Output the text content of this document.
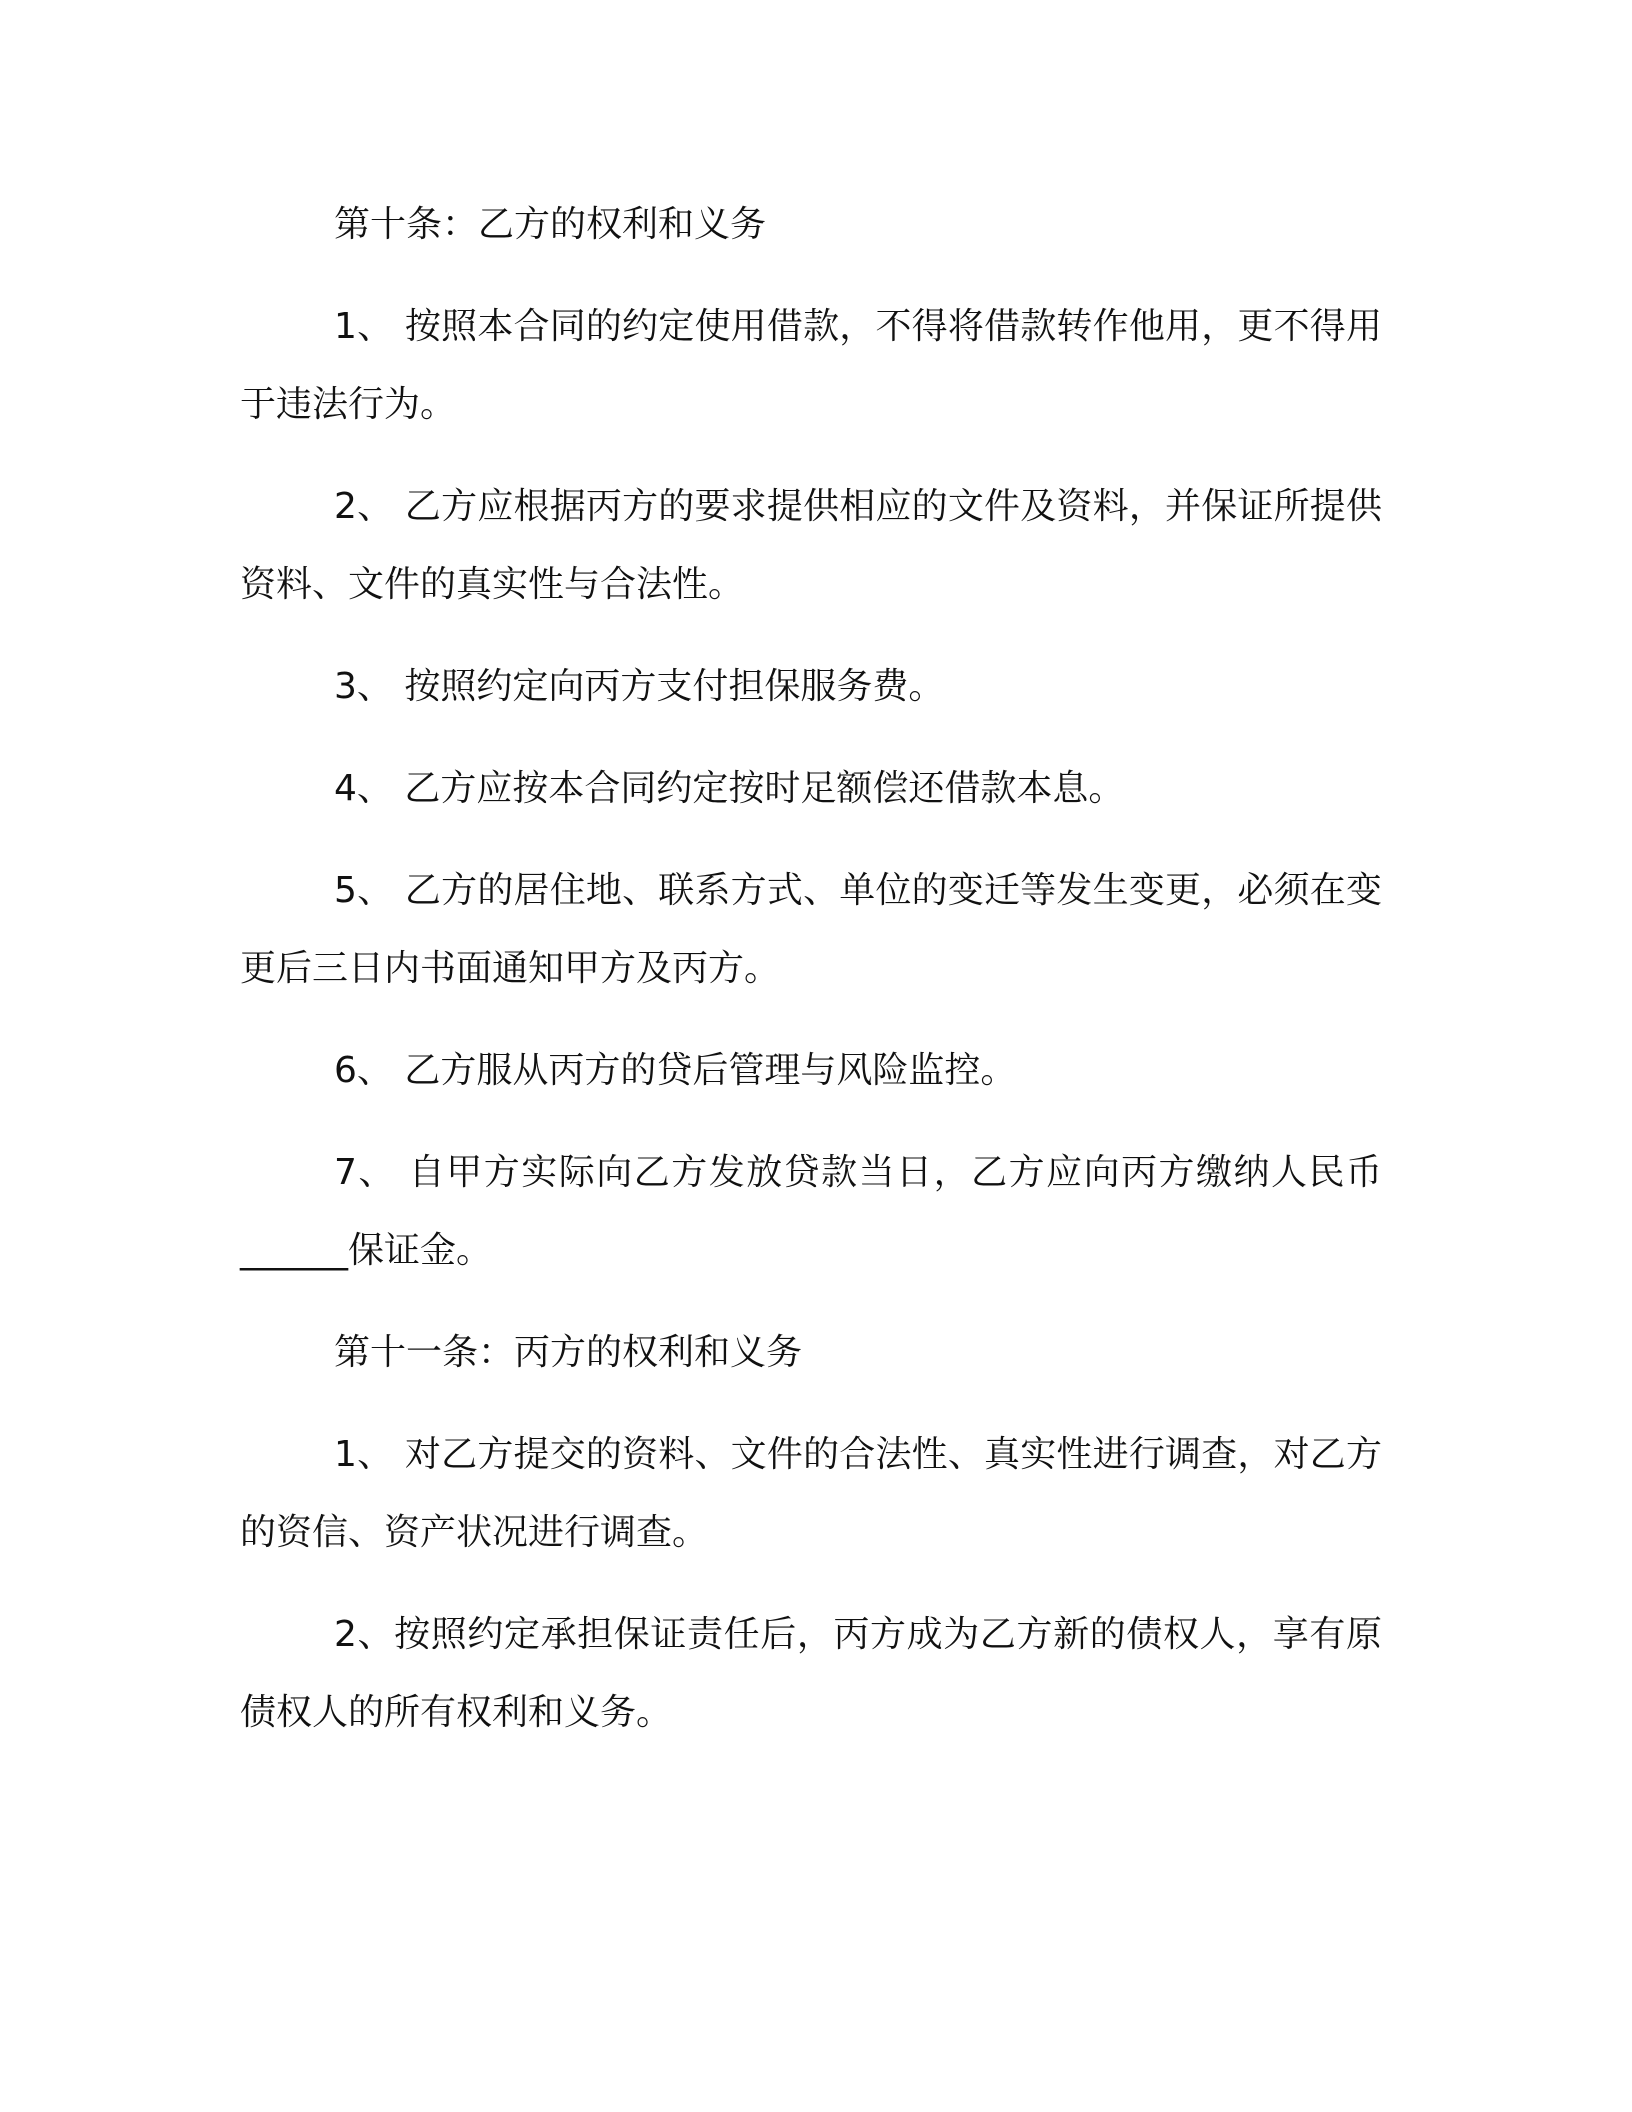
第十条：乙方的权利和义务

1、 按照本合同的约定使用借款，不得将借款转作他用，更不得用于违法行为。

2、 乙方应根据丙方的要求提供相应的文件及资料，并保证所提供资料、文件的真实性与合法性。

3、 按照约定向丙方支付担保服务费。

4、 乙方应按本合同约定按时足额偿还借款本息。

5、 乙方的居住地、联系方式、单位的变迁等发生变更，必须在变更后三日内书面通知甲方及丙方。

6、 乙方服从丙方的贷后管理与风险监控。

7、 自甲方实际向乙方发放贷款当日，乙方应向丙方缴纳人民币______保证金。

第十一条：丙方的权利和义务

1、 对乙方提交的资料、文件的合法性、真实性进行调查，对乙方的资信、资产状况进行调查。

2、按照约定承担保证责任后，丙方成为乙方新的债权人，享有原债权人的所有权利和义务。
